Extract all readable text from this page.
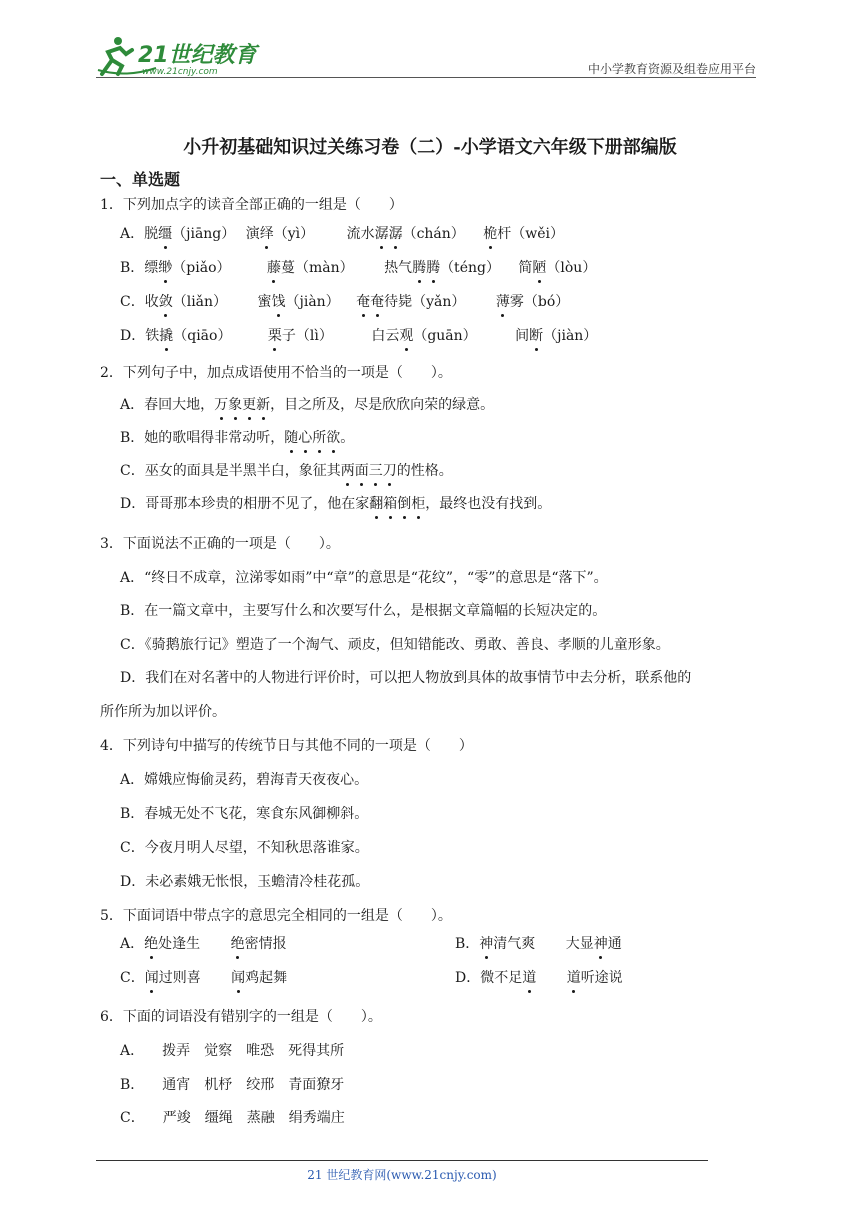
21世纪教育
www.21cnjy.com	中小学教育资源及组卷应用平台
小升初基础知识过关练习卷（二）-小学语文六年级下册部编版
一、单选题
1．下列加点字的读音全部正确的一组是（　　）
A．脱缰（jiāng） 演绎（yì） 流水潺潺（chán） 桅杆（wěi）
B．缥缈（piǎo）	藤蔓（màn） 热气腾腾（téng） 简陋（lòu）
C．收敛（liǎn） 蜜饯（jiàn） 奄奄待毙（yǎn） 薄雾（bó）
D．铁撬（qiāo）	栗子（lì）	白云观（guān）	间断（jiàn）
2．下列句子中，加点成语使用不恰当的一项是（　　）。
A．春回大地，万象更新，目之所及，尽是欣欣向荣的绿意。
B．她的歌唱得非常动听，随心所欲。
C．巫女的面具是半黑半白，象征其两面三刀的性格。
D．哥哥那本珍贵的相册不见了，他在家翻箱倒柜，最终也没有找到。
3．下面说法不正确的一项是（　　）。
A．“终日不成章，泣涕零如雨”中“章”的意思是“花纹”，“零”的意思是“落下”。
B．在一篇文章中，主要写什么和次要写什么，是根据文章篇幅的长短决定的。
C．《骑鹅旅行记》塑造了一个淘气、顽皮，但知错能改、勇敢、善良、孝顺的儿童形象。
D．我们在对名著中的人物进行评价时，可以把人物放到具体的故事情节中去分析，联系他的
所作所为加以评价。
4．下列诗句中描写的传统节日与其他不同的一项是（　　）
A．嫦娥应悔偷灵药，碧海青天夜夜心。
B．春城无处不飞花，寒食东风御柳斜。
C．今夜月明人尽望，不知秋思落谁家。
D．未必素娥无怅恨，玉蟾清冷桂花孤。
5．下面词语中带点字的意思完全相同的一组是（　　）。
A．绝处逢生 绝密情报	B．神清气爽 大显神通
C．闻过则喜 闻鸡起舞	D．微不足道 道听途说
6．下面的词语没有错别字的一组是（　　）。
A． 拨弄　觉察　唯恐　死得其所
B． 通宵　机杼　绞邢　青面獠牙
C． 严竣　缰绳　蒸融　绢秀端庄
21 世纪教育网(www.21cnjy.com)
